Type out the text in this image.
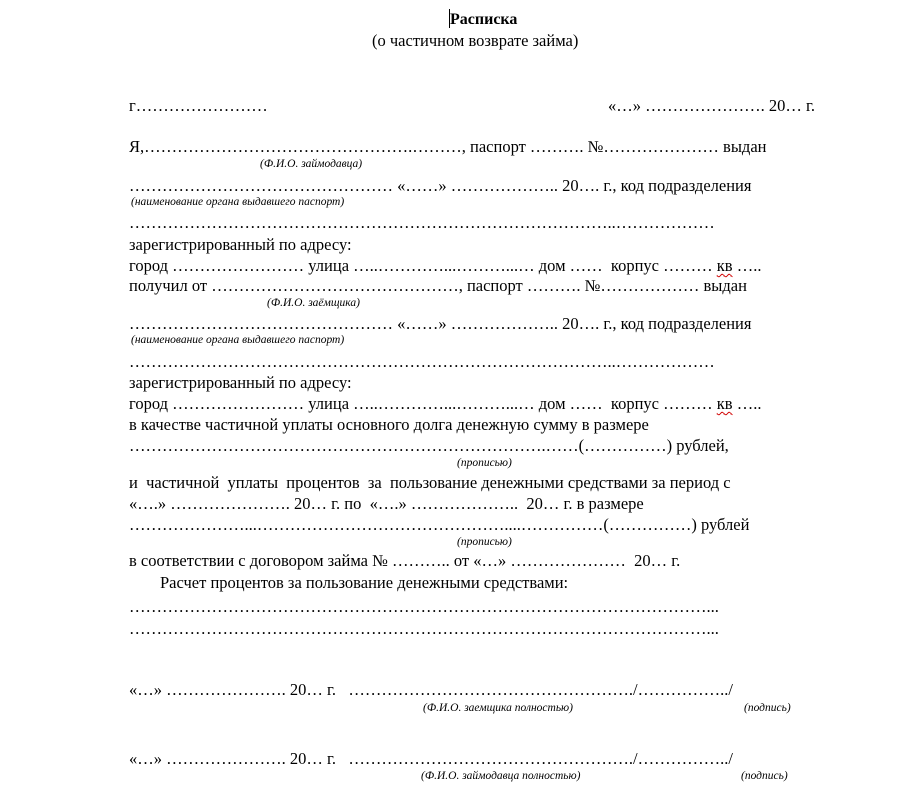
Расписка
(о частичном возврате займа)
г……………………	«…» …………………. 20… г.
Я,………………………………………….………, паспорт ………. №………………… выдан
(Ф.И.О. займодавца)
………………………………………… «……» ……………….. 20…. г., код подразделения
(наименование органа выдавшего паспорт)
……………………………………………………………………………..………………
зарегистрированный по адресу:
город …………………… улица …..…………...………...… дом ……  корпус ……… кв …..
получил от ………………………………………, паспорт ………. №……………… выдан
(Ф.И.О. заёмщика)
………………………………………… «……» ……………….. 20…. г., код подразделения
(наименование органа выдавшего паспорт)
……………………………………………………………………………..………………
зарегистрированный по адресу:
город …………………… улица …..…………...………...… дом ……  корпус ……… кв …..
в качестве частичной уплаты основного долга денежную сумму в размере
………………………………………………………………….……(……………) рублей,
(прописью)
и  частичной  уплаты  процентов  за  пользование денежными средствами за период с
«….» …………………. 20… г. по  «….» ………………..  20… г. в размере
…………………...………………………………………....……………(……………) рублей
(прописью)
в соответствии с договором займа № ……….. от «…» …………………  20… г.
Расчет процентов за пользование денежными средствами:
……………………………………………………………………………………………...
……………………………………………………………………………………………...
«…» …………………. 20… г.   ……………………………………………./……………../
(Ф.И.О. заемщика полностью)	(подпись)
«…» …………………. 20… г.   ……………………………………………./……………../
(Ф.И.О. займодавца полностью)	(подпись)
